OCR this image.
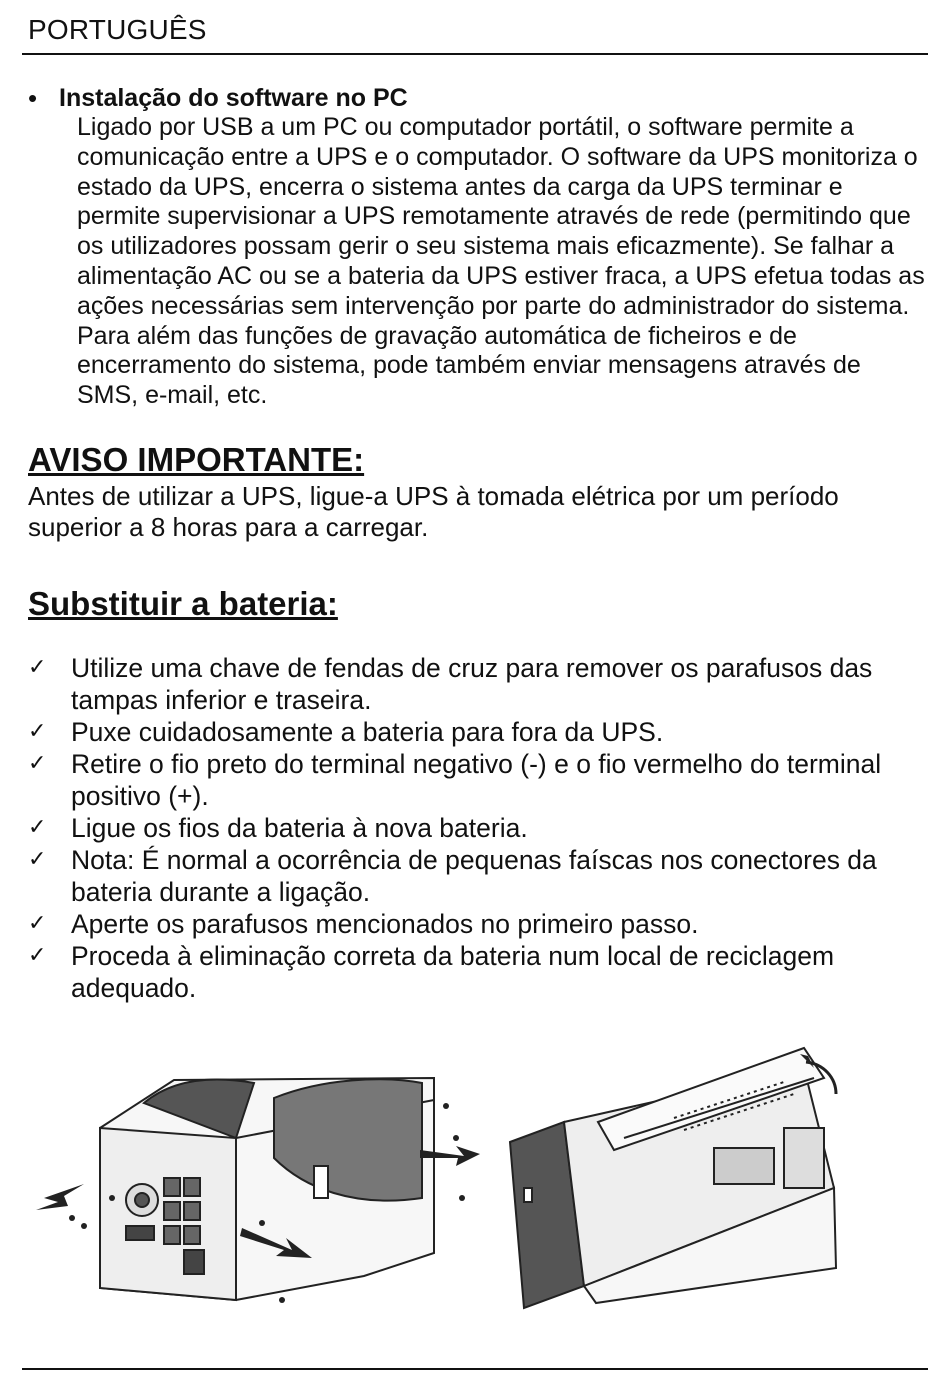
PORTUGUÊS
• Instalação do software no PC
Ligado por USB a um PC ou computador portátil, o software permite a comunicação entre a UPS e o computador. O software da UPS monitoriza o estado da UPS, encerra o sistema antes da carga da UPS terminar e permite supervisionar a UPS remotamente através de rede (permitindo que os utilizadores possam gerir o seu sistema mais eficazmente). Se falhar a alimentação AC ou se a bateria da UPS estiver fraca, a UPS efetua todas as ações necessárias sem intervenção por parte do administrador do sistema. Para além das funções de gravação automática de ficheiros e de encerramento do sistema, pode também enviar mensagens através de SMS, e-mail, etc.
AVISO IMPORTANTE:
Antes de utilizar a UPS, ligue-a UPS à tomada elétrica por um período superior a 8 horas para a carregar.
Substituir a bateria:
✓ Utilize uma chave de fendas de cruz para remover os parafusos das tampas inferior e traseira.
✓ Puxe cuidadosamente a bateria para fora da UPS.
✓ Retire o fio preto do terminal negativo (-) e o fio vermelho do terminal positivo (+).
✓ Ligue os fios da bateria à nova bateria.
✓ Nota: É normal a ocorrência de pequenas faíscas nos conectores da bateria durante a ligação.
✓ Aperte os parafusos mencionados no primeiro passo.
✓ Proceda à eliminação correta da bateria num local de reciclagem adequado.
